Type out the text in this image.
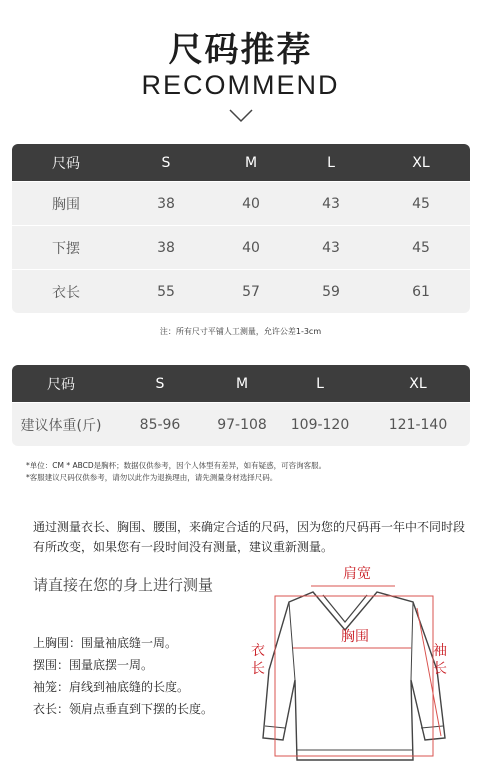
尺码推荐
RECOMMEND
尺码	S	M	L	XL
胸围	38	40	43	45
下摆	38	40	43	45
衣长	55	57	59	61
注：所有尺寸平铺人工测量，允许公差1-3cm
尺码	S	M	L	XL
建议体重(斤)	85-96	97-108	109-120	121-140
*单位：CM * ABCD是胸杯；数据仅供参考，因个人体型有差异，如有疑惑，可咨询客服。
*客服建议尺码仅供参考，请勿以此作为退换理由，请先测量身材选择尺码。
通过测量衣长、胸围、腰围，来确定合适的尺码，因为您的尺码再一年中不同时段有所改变，如果您有一段时间没有测量，建议重新测量。
请直接在您的身上进行测量
上胸围：围量袖底缝一周。
摆围：围量底摆一周。
袖笼：肩线到袖底缝的长度。
衣长：领肩点垂直到下摆的长度。
肩宽
胸围
衣
长
袖
长
